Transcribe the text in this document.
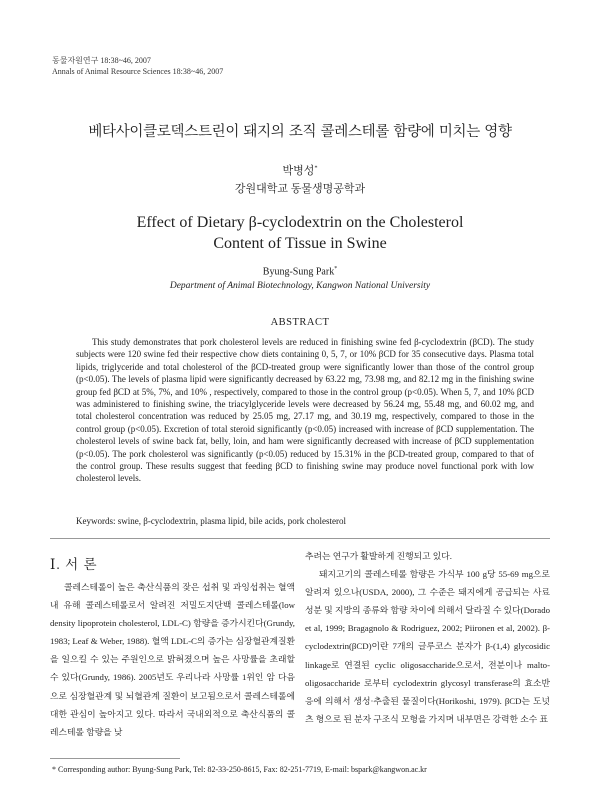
동물자원연구 18:38~46, 2007
Annals of Animal Resource Sciences 18:38~46, 2007
베타사이클로덱스트린이 돼지의 조직 콜레스테롤 함량에 미치는 영향
박병성*
강원대학교 동물생명공학과
Effect of Dietary β-cyclodextrin on the Cholesterol
Content of Tissue in Swine
Byung-Sung Park*
Department of Animal Biotechnology, Kangwon National University
ABSTRACT

This study demonstrates that pork cholesterol levels are reduced in finishing swine fed β-cyclodextrin (βCD). The study subjects were 120 swine fed their respective chow diets containing 0, 5, 7, or 10% βCD for 35 consecutive days. Plasma total lipids, triglyceride and total cholesterol of the βCD-treated group were significantly lower than those of the control group (p<0.05). The levels of plasma lipid were significantly decreased by 63.22 mg, 73.98 mg, and 82.12 mg in the finishing swine group fed βCD at 5%, 7%, and 10% , respectively, compared to those in the control group (p<0.05). When 5, 7, and 10% βCD was administered to finishing swine, the triacylglyceride levels were decreased by 56.24 mg, 55.48 mg, and 60.02 mg, and total cholesterol concentration was reduced by 25.05 mg, 27.17 mg, and 30.19 mg, respectively, compared to those in the control group (p<0.05). Excretion of total steroid significantly (p<0.05) increased with increase of βCD supplementation. The cholesterol levels of swine back fat, belly, loin, and ham were significantly decreased with increase of βCD supplementation (p<0.05). The pork cholesterol was significantly (p<0.05) reduced by 15.31% in the βCD-treated group, compared to that of the control group. These results suggest that feeding βCD to finishing swine may produce novel functional pork with low cholesterol levels.

Keywords: swine, β-cyclodextrin, plasma lipid, bile acids, pork cholesterol
Ⅰ. 서 론

콜레스테롤이 높은 축산식품의 잦은 섭취 및 과잉섭취는 혈액 내 유해 콜레스테롤로서 알려진 저밀도지단백 콜레스테롤(low density lipoprotein cholesterol, LDL-C) 함량을 증가시킨다(Grundy, 1983; Leaf & Weber, 1988). 혈액 LDL-C의 증가는 심장혈관계질환을 일으킬 수 있는 주원인으로 밝혀졌으며 높은 사망률을 초래할 수 있다(Grundy, 1986). 2005년도 우리나라 사망률 1위인 암 다음으로 심장혈관계 및 뇌혈관계 질환이 보고됨으로서 콜레스테롤에 대한 관심이 높아지고 있다. 따라서 국내외적으로 축산식품의 콜레스테롤 함량을 낮

추려는 연구가 활발하게 진행되고 있다.

돼지고기의 콜레스테롤 함량은 가식부 100 g당 55-69 mg으로 알려져 있으나(USDA, 2000), 그 수준은 돼지에게 공급되는 사료성분 및 지방의 종류와 함량 차이에 의해서 달라질 수 있다(Dorado et al, 1999; Bragagnolo & Rodriguez, 2002; Piironen et al, 2002). β-cyclodextrin(βCD)이란 7개의 글루코스 분자가 β-(1,4) glycosidic linkage로 연결된 cyclic oligosaccharide으로서, 전분이나 malto-oligosaccharide 로부터 cyclodextrin glycosyl transferase의 효소반응에 의해서 생성·추출된 물질이다(Horikoshi, 1979). βCD는 도넛츠 형으로 된 분자 구조식 모형을 가지며 내부면은 강력한 소수 표

* Corresponding author: Byung-Sung Park, Tel: 82-33-250-8615, Fax: 82-251-7719, E-mail: bspark@kangwon.ac.kr
